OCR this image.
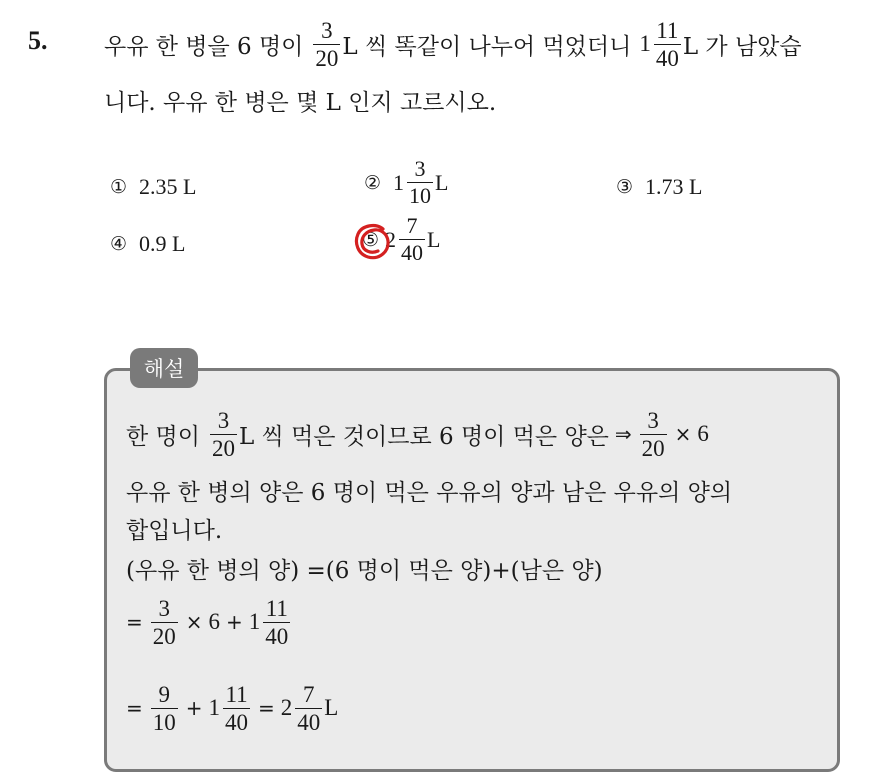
5. 우유 한 병을 6 명이 $\frac{3}{20}$ L 씩 똑같이 나누어 먹었더니 $1 \frac{11}{40}$ L 가 남았습
니다. 우유 한 병은 몇 L 인지 고르시오.
① 2.35 L	② $1 \frac{3}{10}$ L	③ 1.73 L
④ 0.9 L	⑤ $2 \frac{7}{40}$ L
해설
한 명이 $\frac{3}{20}$ L 씩 먹은 것이므로 6 명이 먹은 양은 ⇒ $\frac{3}{20} \times 6$
우유 한 병의 양은 6 명이 먹은 우유의 양과 남은 우유의 양의
합입니다.
(우유 한 병의 양) =(6 명이 먹은 양)+(남은 양)
= $\frac{3}{20} \times 6 + 1 \frac{11}{40}$
= $\frac{9}{10} + 1 \frac{11}{40} = 2 \frac{7}{40}$ L
